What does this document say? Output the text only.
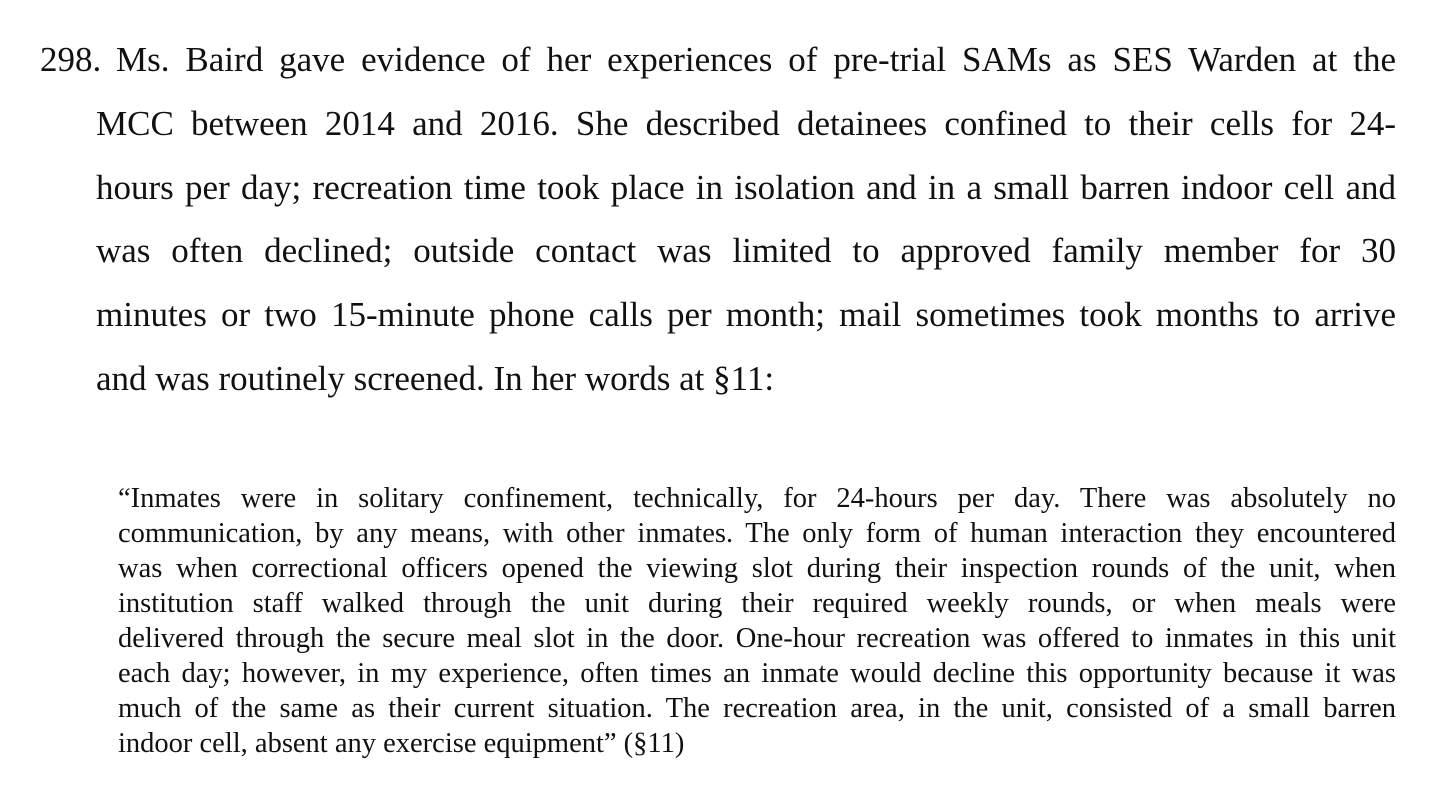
298. Ms. Baird gave evidence of her experiences of pre-trial SAMs as SES Warden at the
MCC between 2014 and 2016. She described detainees confined to their cells for 24-
hours per day; recreation time took place in isolation and in a small barren indoor cell and
was often declined; outside contact was limited to approved family member for 30
minutes or two 15-minute phone calls per month; mail sometimes took months to arrive
and was routinely screened. In her words at §11:
“Inmates were in solitary confinement, technically, for 24-hours per day. There was absolutely no
communication, by any means, with other inmates. The only form of human interaction they encountered
was when correctional officers opened the viewing slot during their inspection rounds of the unit, when
institution staff walked through the unit during their required weekly rounds, or when meals were
delivered through the secure meal slot in the door. One-hour recreation was offered to inmates in this unit
each day; however, in my experience, often times an inmate would decline this opportunity because it was
much of the same as their current situation. The recreation area, in the unit, consisted of a small barren
indoor cell, absent any exercise equipment” (§11)
